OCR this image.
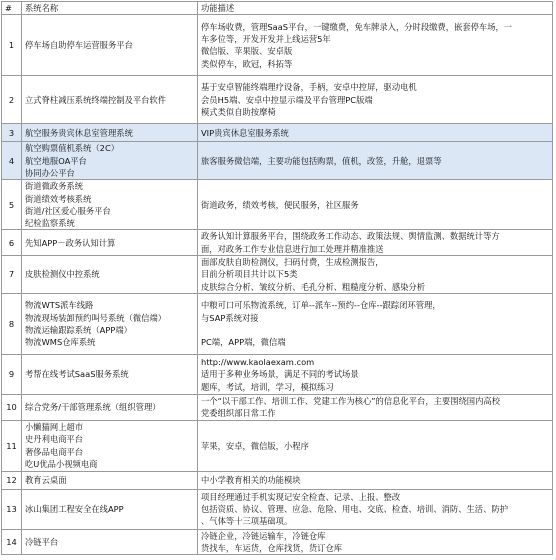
#	系统名称	功能描述
1	停车场自助停车运营服务平台	停车场收费，管理SaaS平台，一键缴费，免车牌录入，分时段缴费，嵌套停车场，一
车多位等，开发开发并上线运营5年
微信版、苹果版、安卓版
类似停车，欧冠，科拓等

2	立式脊柱减压系统终端控制及平台软件	基于安卓智能终端理疗设备，手柄，安卓中控屏，驱动电机
会员H5端、安卓中控显示端及平台管理PC版端
模式类似自助按摩椅

3	航空服务贵宾休息室管理系统	VIP贵宾休息室服务系统

4	航空购票值机系统（2C）
航空地服OA平台
协同办公平台	旅客服务微信端，主要功能包括购票，值机，改签，升舱，退票等

5	街道微政务系统
街道绩效考核系统
街道/社区爱心服务平台
纪检监察系统	街道政务，绩效考核，便民服务，社区服务

6	先知APP－政务认知计算	政务认知计算服务平台，围绕政务工作动态、政策法规、舆情监测、数据统计等方
面，对政务工作专业信息进行加工处理并精准推送

7	皮肤检测仪中控系统	面部皮肤自助检测仪，扫码付费，生成检测报告，
目前分析项目共计以下5类
皮肤综合分析、皱纹分析、毛孔分析、粗糙度分析、感染分析

8	物流WTS派车线路
物流现场装卸预约叫号系统（微信端）
物流运输跟踪系统（APP端）
物流WMS仓库系统	中粮可口可乐物流系统，订单--派车--预约--仓库--跟踪闭环管理，
与SAP系统对接

PC端，APP端，微信端

9	考帮在线考试SaaS服务系统	http://www.kaolaexam.com
适用于多种业务场景，满足不同的考试场景
题库，考试，培训，学习，模拟练习

10	综合党务/干部管理系统（组织管理）	一个“以干部工作、培训工作、党建工作为核心”的信息化平台，主要围绕国内高校
党委组织部日常工作

11	小懒猫网上超市
史丹利电商平台
奢侈品电商平台
吃U优品小视频电商	苹果，安卓，微信版，小程序

12	教育云桌面	中小学教育相关的功能模块

13	冰山集团工程安全在线APP	项目经理通过手机实现记安全检查、记录、上报、整改
包括资质、协议、管理、应急、危险、用电、交底、检查、培训、消防、生活、防护
、气体等十三项基础项。

14	冷链平台	冷链企业，冷链运输车，冷链仓库
货找车，车运货，仓库找货，货订仓库
